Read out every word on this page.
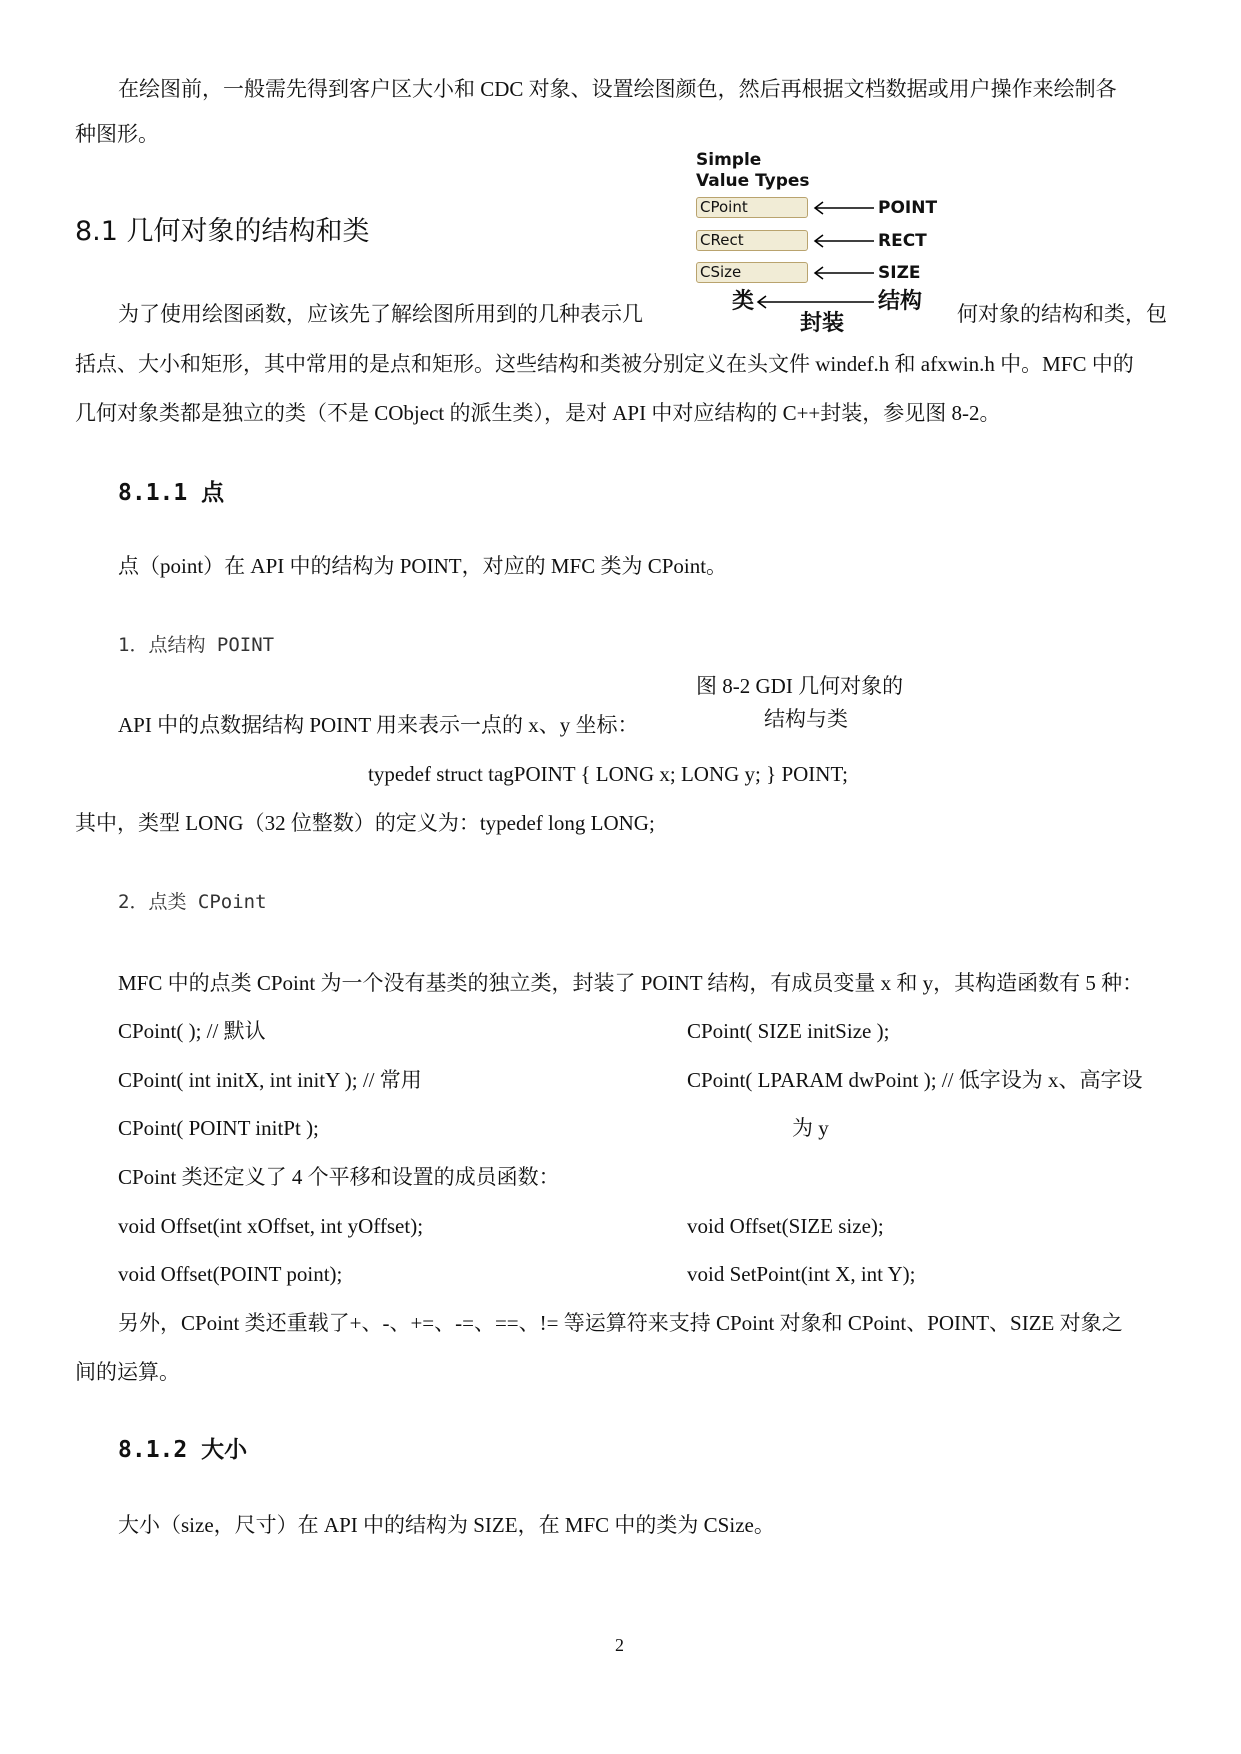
在绘图前，一般需先得到客户区大小和 CDC 对象、设置绘图颜色，然后再根据文档数据或用户操作来绘制各
种图形。
8.1 几何对象的结构和类
为了使用绘图函数，应该先了解绘图所用到的几种表示几	何对象的结构和类，包
括点、大小和矩形，其中常用的是点和矩形。这些结构和类被分别定义在头文件 windef.h 和 afxwin.h 中。MFC 中的
几何对象类都是独立的类（不是 CObject 的派生类），是对 API 中对应结构的 C++封装，参见图 8-2。
Simple
Value Types
CPoint
CRect
CSize
POINT
RECT
SIZE
类	结构
封装
图 8-2 GDI 几何对象的
结构与类
8.1.1 点
点（point）在 API 中的结构为 POINT，对应的 MFC 类为 CPoint。
1．点结构 POINT
API 中的点数据结构 POINT 用来表示一点的 x、y 坐标：
typedef struct tagPOINT { LONG x; LONG y; } POINT;
其中，类型 LONG（32 位整数）的定义为：typedef long LONG;
2．点类 CPoint
MFC 中的点类 CPoint 为一个没有基类的独立类，封装了 POINT 结构，有成员变量 x 和 y，其构造函数有 5 种：
CPoint( ); // 默认	CPoint( SIZE initSize );
CPoint( int initX, int initY ); // 常用	CPoint( LPARAM dwPoint ); // 低字设为 x、高字设
CPoint( POINT initPt );	为 y
CPoint 类还定义了 4 个平移和设置的成员函数：
void Offset(int xOffset, int yOffset);	void Offset(SIZE size);
void Offset(POINT point);	void SetPoint(int X, int Y);
另外，CPoint 类还重载了+、-、+=、-=、==、!= 等运算符来支持 CPoint 对象和 CPoint、POINT、SIZE 对象之
间的运算。
8.1.2 大小
大小（size，尺寸）在 API 中的结构为 SIZE，在 MFC 中的类为 CSize。
2
